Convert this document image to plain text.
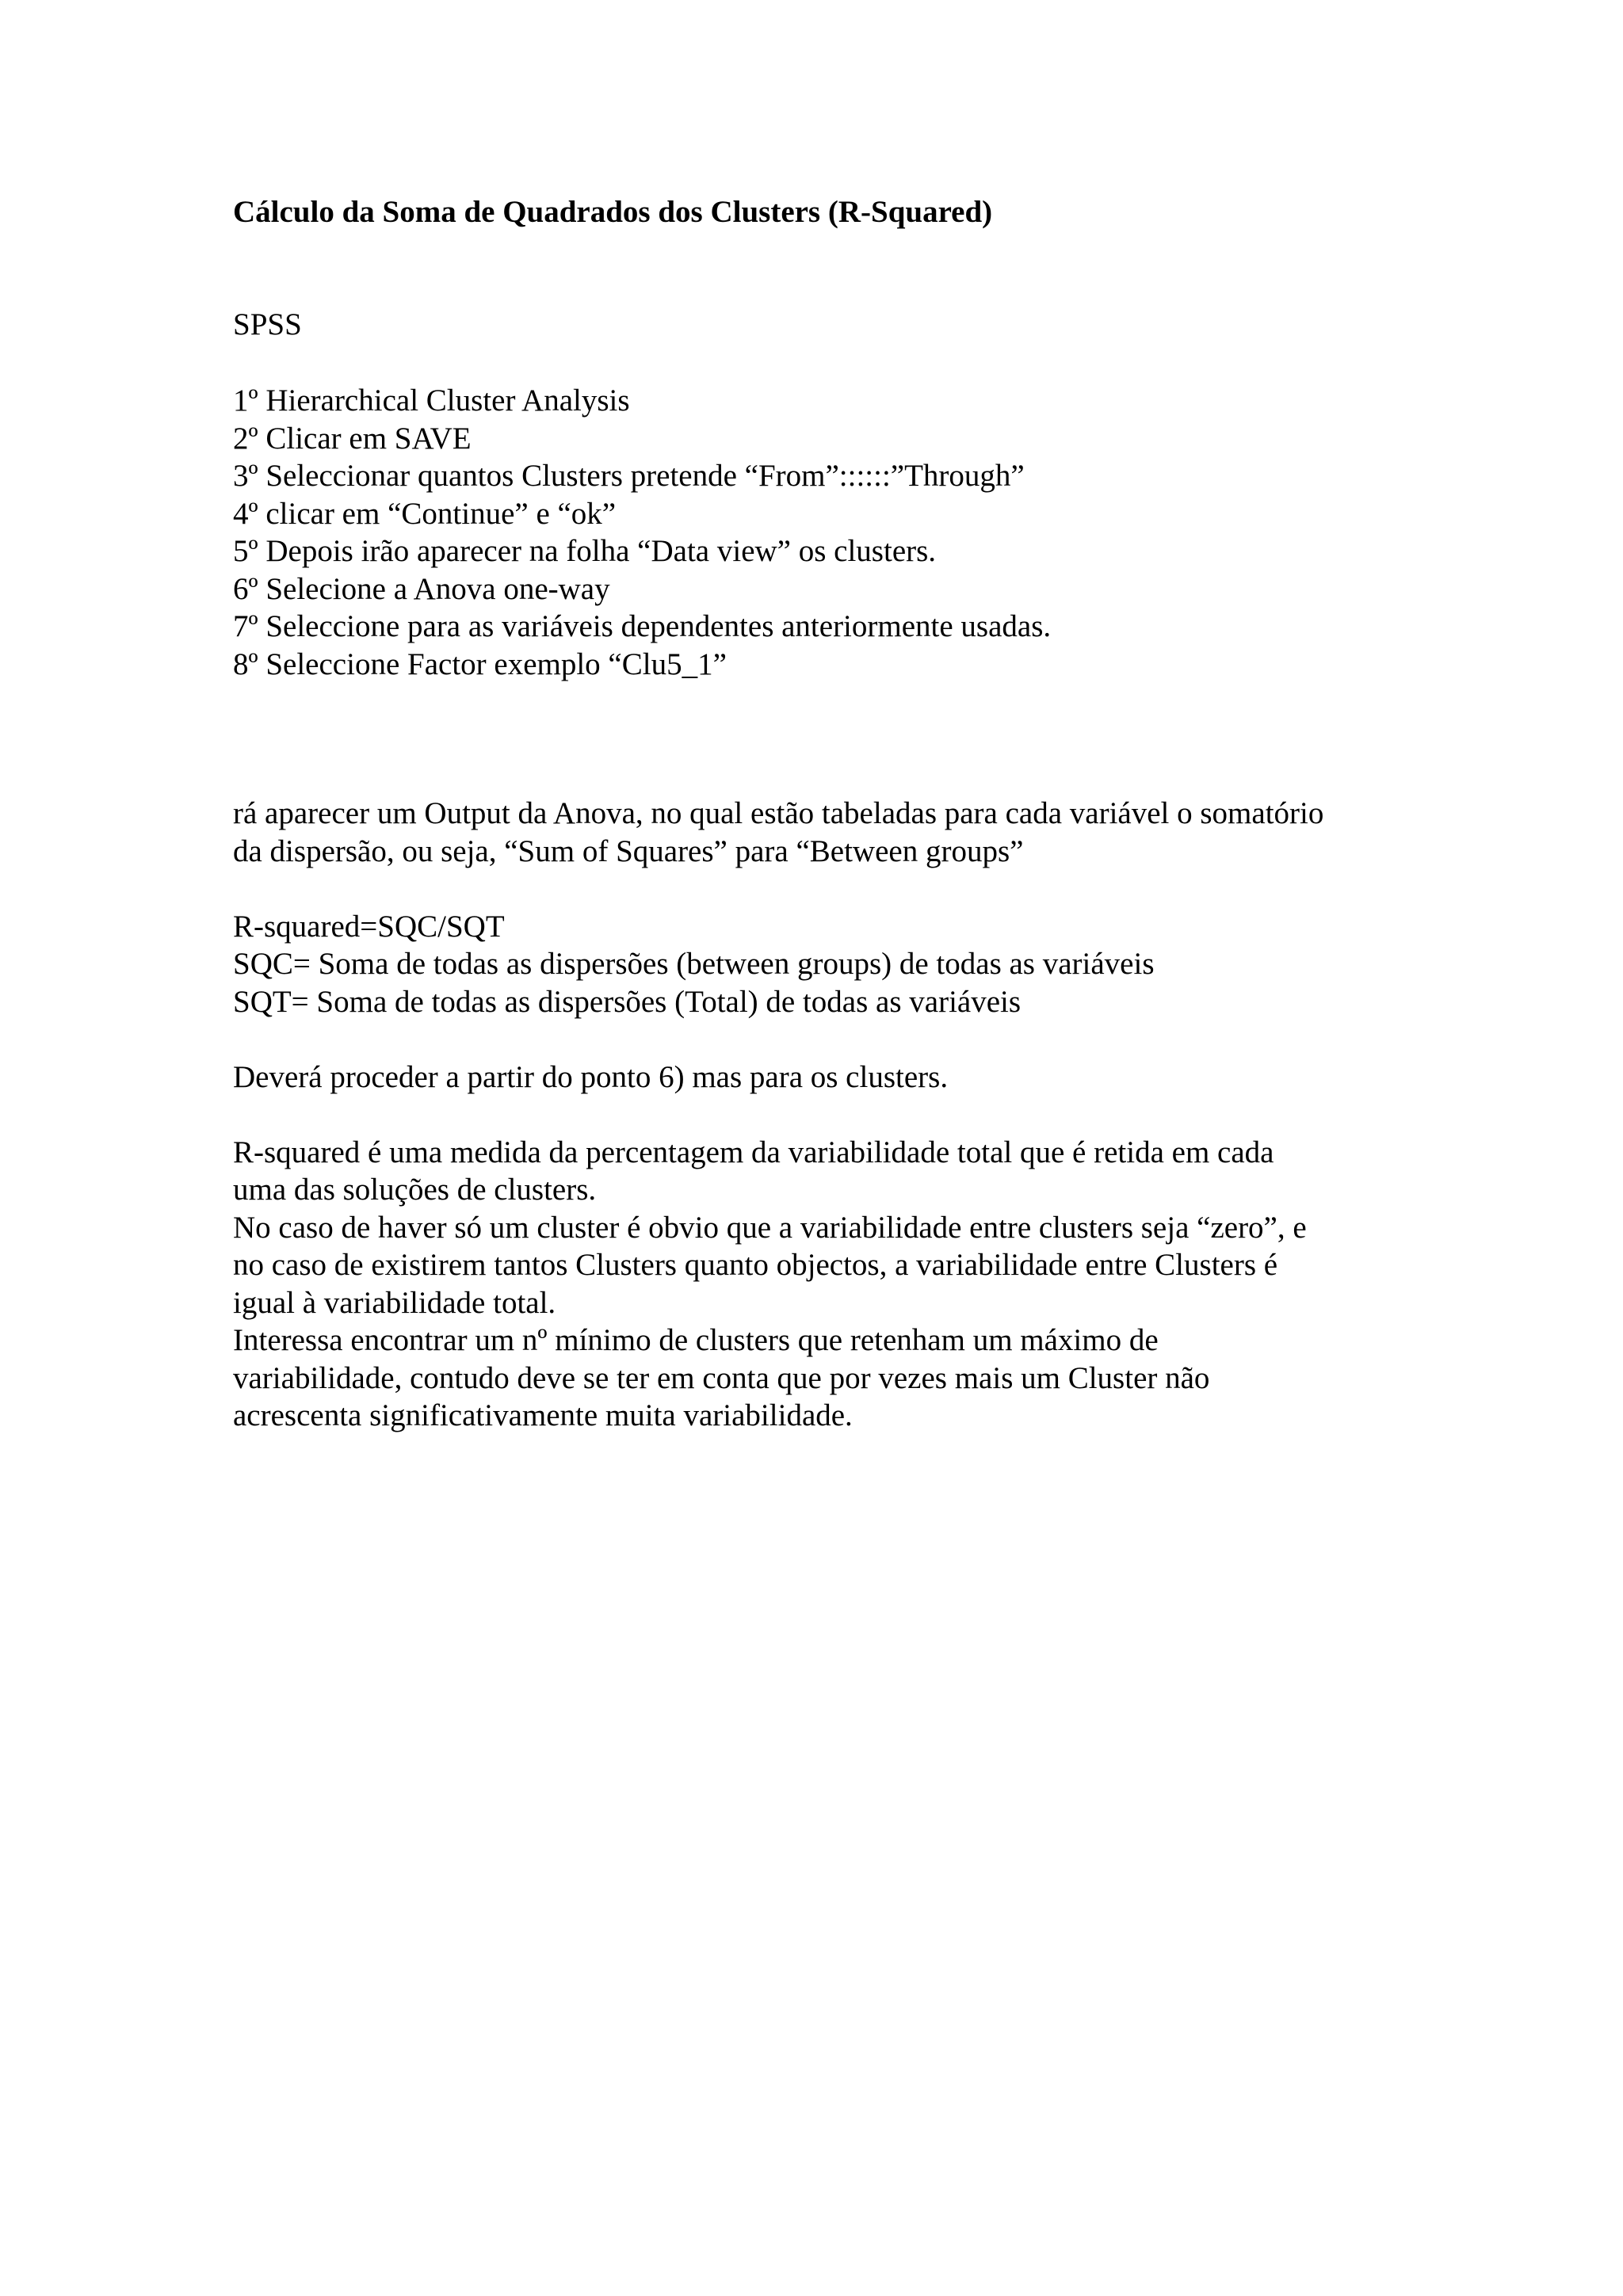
Cálculo da Soma de Quadrados dos Clusters (R-Squared)

SPSS

1º Hierarchical Cluster Analysis
2º Clicar em SAVE
3º Seleccionar quantos Clusters pretende “From”::::::”Through”
4º clicar em “Continue” e “ok”
5º Depois irão aparecer na folha “Data view” os clusters.
6º Selecione a Anova one-way
7º Seleccione para as variáveis dependentes anteriormente usadas.
8º Seleccione Factor exemplo “Clu5_1”

rá aparecer um Output da Anova, no qual estão tabeladas para cada variável o somatório
da dispersão, ou seja, “Sum of Squares” para “Between groups”

R-squared=SQC/SQT
SQC= Soma de todas as dispersões (between groups) de todas as variáveis
SQT= Soma de todas as dispersões (Total) de todas as variáveis

Deverá proceder a partir do ponto 6) mas para os clusters.

R-squared é uma medida da percentagem da variabilidade total que é retida em cada
uma das soluções de clusters.
No caso de haver só um cluster é obvio que a variabilidade entre clusters seja “zero”, e
no caso de existirem tantos Clusters quanto objectos, a variabilidade entre Clusters é
igual à variabilidade total.
Interessa encontrar um nº mínimo de clusters que retenham um máximo de
variabilidade, contudo deve se ter em conta que por vezes mais um Cluster não
acrescenta significativamente muita variabilidade.
